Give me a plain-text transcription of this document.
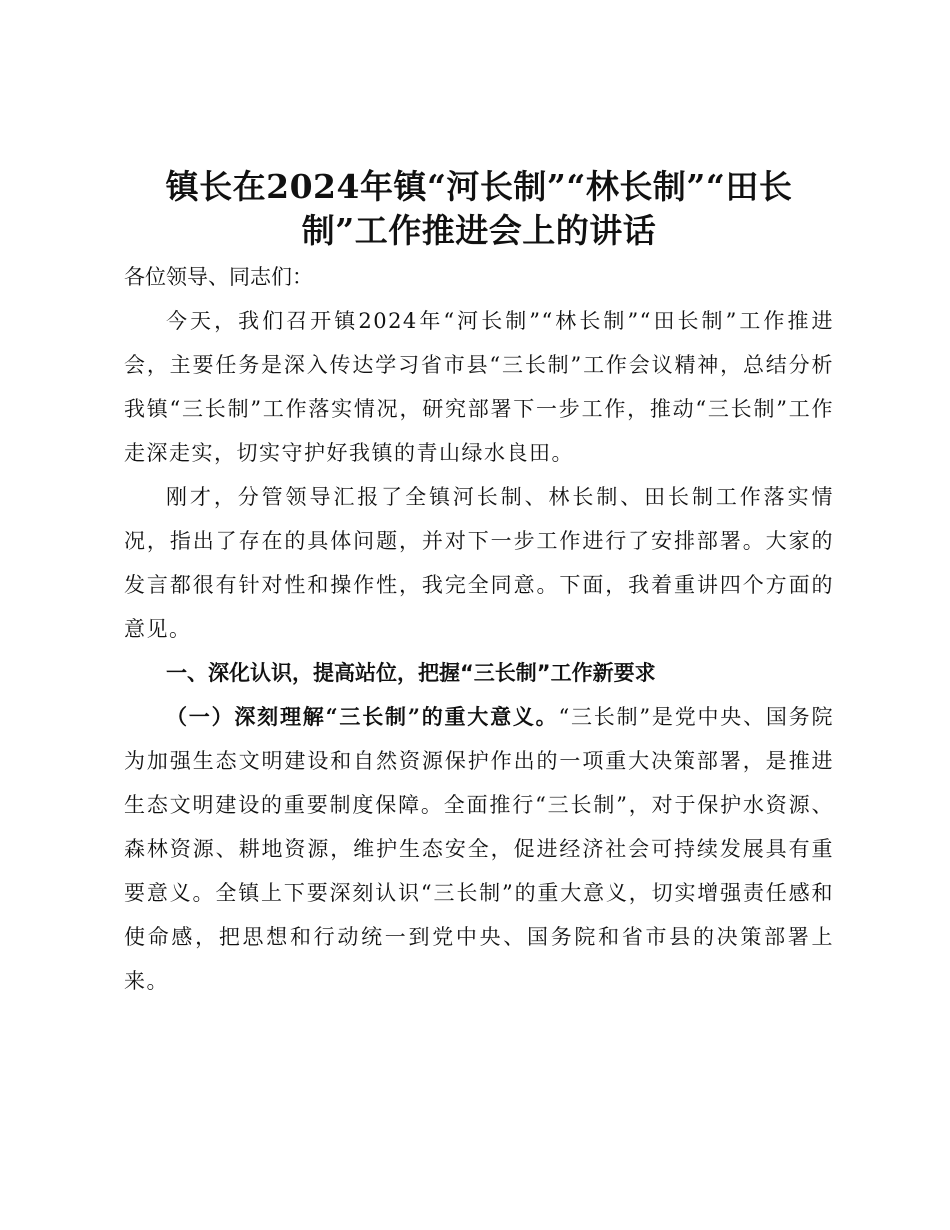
镇长在2024年镇“河长制”“林长制”“田长制”工作推进会上的讲话

各位领导、同志们：

今天，我们召开镇2024年“河长制”“林长制”“田长制”工作推进会，主要任务是深入传达学习省市县“三长制”工作会议精神，总结分析我镇“三长制”工作落实情况，研究部署下一步工作，推动“三长制”工作走深走实，切实守护好我镇的青山绿水良田。

刚才，分管领导汇报了全镇河长制、林长制、田长制工作落实情况，指出了存在的具体问题，并对下一步工作进行了安排部署。大家的发言都很有针对性和操作性，我完全同意。下面，我着重讲四个方面的意见。

一、深化认识，提高站位，把握“三长制”工作新要求

（一）深刻理解“三长制”的重大意义。“三长制”是党中央、国务院为加强生态文明建设和自然资源保护作出的一项重大决策部署，是推进生态文明建设的重要制度保障。全面推行“三长制”，对于保护水资源、森林资源、耕地资源，维护生态安全，促进经济社会可持续发展具有重要意义。全镇上下要深刻认识“三长制”的重大意义，切实增强责任感和使命感，把思想和行动统一到党中央、国务院和省市县的决策部署上来。
